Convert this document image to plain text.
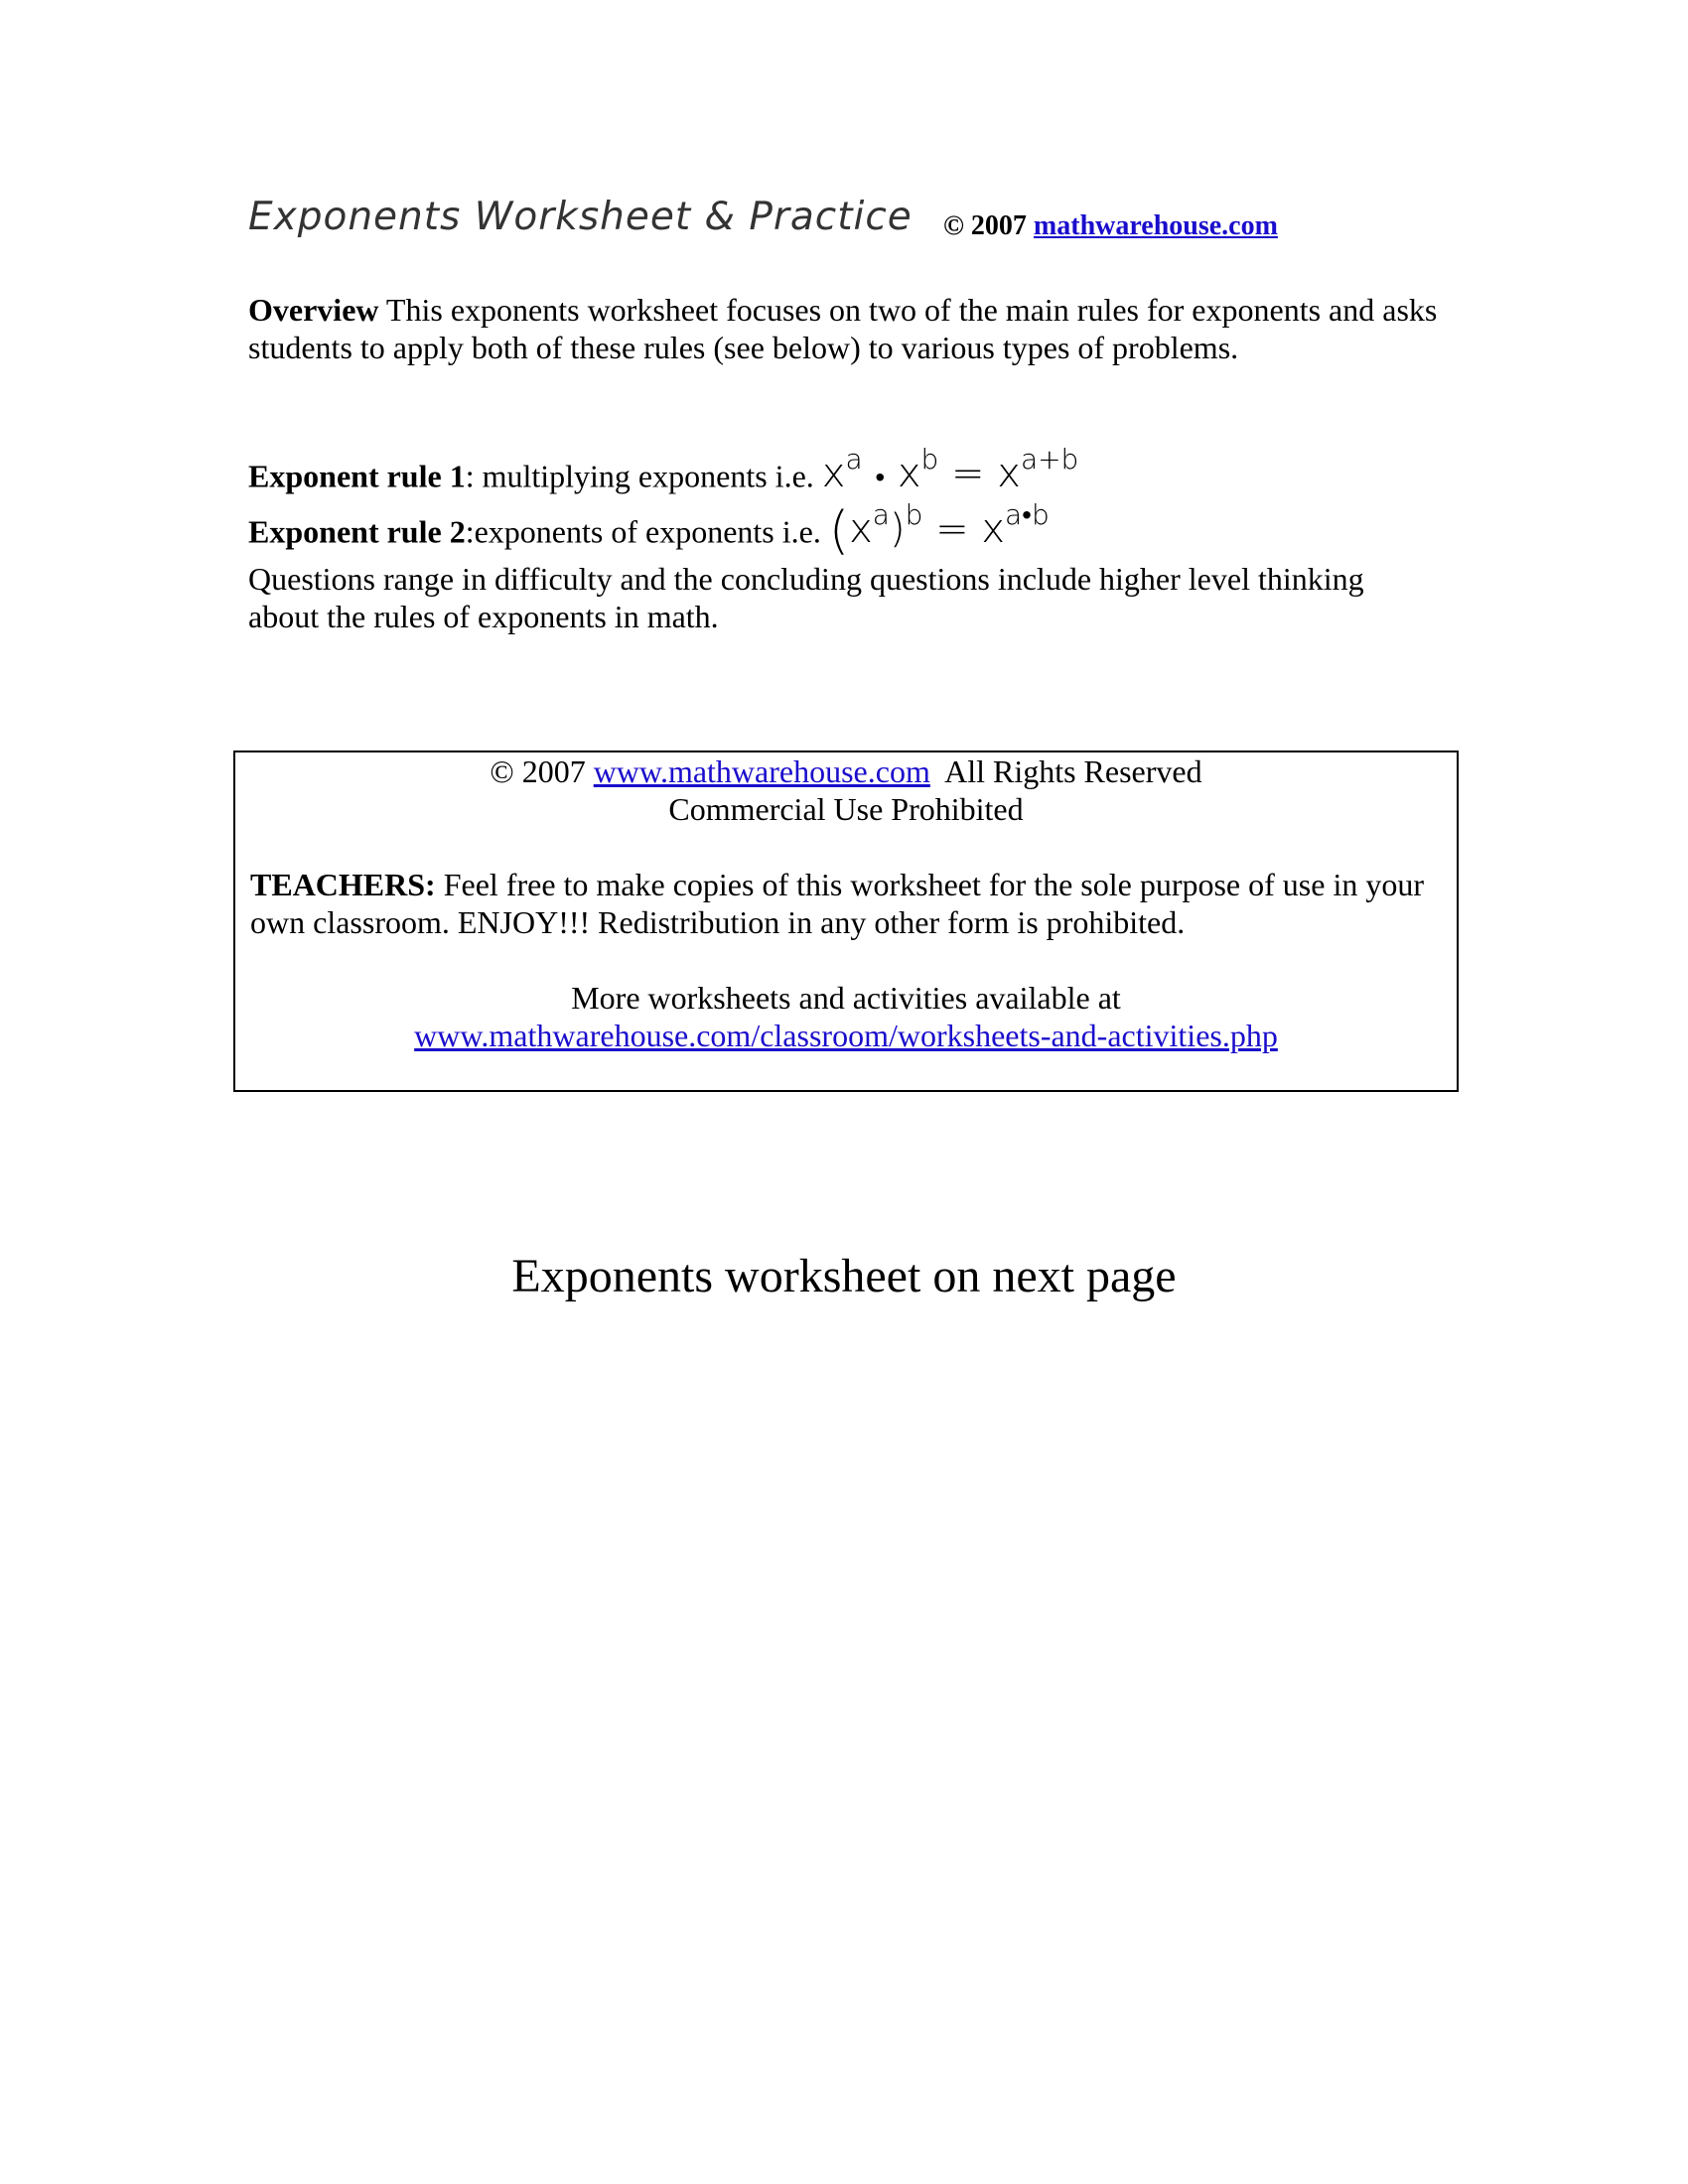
Exponents Worksheet & Practice © 2007 mathwarehouse.com
Overview This exponents worksheet focuses on two of the main rules for exponents and asks students to apply both of these rules (see below) to various types of problems.
Exponent rule 1: multiplying exponents i.e. $x^a$ • $x^b = x^{a+b}$
Exponent rule 2:exponents of exponents i.e. $(x^a)^b = x^{a•b}$
Questions range in difficulty and the concluding questions include higher level thinking about the rules of exponents in math.
© 2007 www.mathwarehouse.com  All Rights Reserved
Commercial Use Prohibited
TEACHERS: Feel free to make copies of this worksheet for the sole purpose of use in your own classroom. ENJOY!!! Redistribution in any other form is prohibited.
More worksheets and activities available at
www.mathwarehouse.com/classroom/worksheets-and-activities.php
Exponents worksheet on next page
